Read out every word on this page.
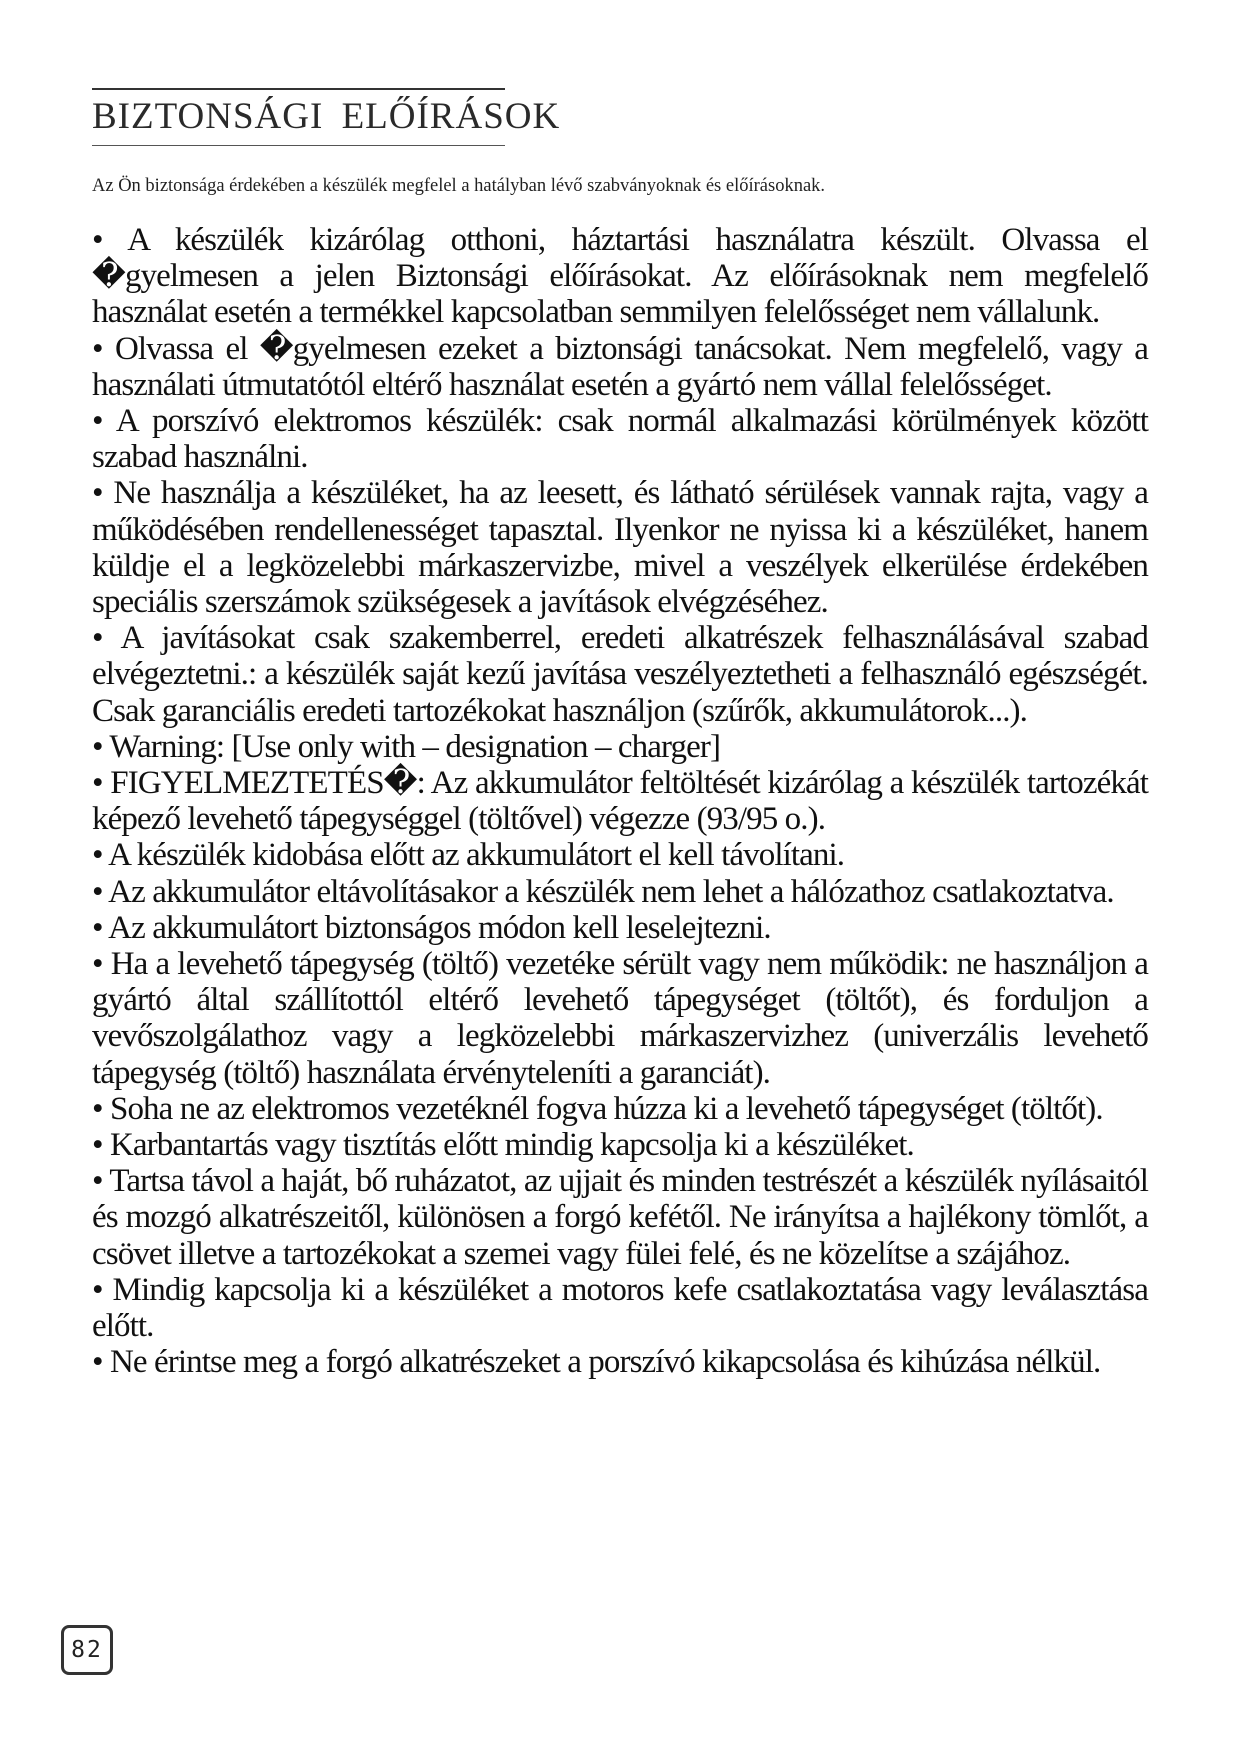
BIZTONSÁGI ELŐÍRÁSOK
Az Ön biztonsága érdekében a készülék megfelel a hatályban lévő szabványoknak és előírásoknak.

• A készülék kizárólag otthoni, háztartási használatra készült. Olvassa el �gyelmesen a jelen Biztonsági előírásokat. Az előírásoknak nem megfelelő használat esetén a termékkel kapcsolatban semmilyen felelősséget nem vállalunk.

• Olvassa el �gyelmesen ezeket a biztonsági tanácsokat. Nem megfelelő, vagy a használati útmutatótól eltérő használat esetén a gyártó nem vállal felelősséget.

• A porszívó elektromos készülék: csak normál alkalmazási körülmények között szabad használni.

• Ne használja a készüléket, ha az leesett, és látható sérülések vannak rajta, vagy a működésében rendellenességet tapasztal. Ilyenkor ne nyissa ki a készüléket, hanem küldje el a legközelebbi márkaszervizbe, mivel a veszélyek elkerülése érdekében speciális szerszámok szükségesek a javítások elvégzéséhez.

• A javításokat csak szakemberrel, eredeti alkatrészek felhasználásával szabad elvégeztetni.: a készülék saját kezű javítása veszélyeztetheti a felhasználó egészségét. Csak garanciális eredeti tartozékokat használjon (szűrők, akkumulátorok...).

• Warning: [Use only with – designation – charger]

• FIGYELMEZTETÉS�: Az akkumulátor feltöltését kizárólag a készülék tartozékát képező levehető tápegységgel (töltővel) végezze (93/95 o.).

• A készülék kidobása előtt az akkumulátort el kell távolítani.

• Az akkumulátor eltávolításakor a készülék nem lehet a hálózathoz csatlakoztatva.

• Az akkumulátort biztonságos módon kell leselejtezni.

• Ha a levehető tápegység (töltő) vezetéke sérült vagy nem működik: ne használjon a gyártó által szállítottól eltérő levehető tápegységet (töltőt), és forduljon a vevőszolgálathoz vagy a legközelebbi márkaszervizhez (univerzális levehető tápegység (töltő) használata érvényteleníti a garanciát).

• Soha ne az elektromos vezetéknél fogva húzza ki a levehető tápegységet (töltőt).

• Karbantartás vagy tisztítás előtt mindig kapcsolja ki a készüléket.

• Tartsa távol a haját, bő ruházatot, az ujjait és minden testrészét a készülék nyílásaitól és mozgó alkatrészeitől, különösen a forgó kefétől. Ne irányítsa a hajlékony tömlőt, a csövet illetve a tartozékokat a szemei vagy fülei felé, és ne közelítse a szájához.

• Mindig kapcsolja ki a készüléket a motoros kefe csatlakoztatása vagy leválasztása előtt.

• Ne érintse meg a forgó alkatrészeket a porszívó kikapcsolása és kihúzása nélkül.

82
